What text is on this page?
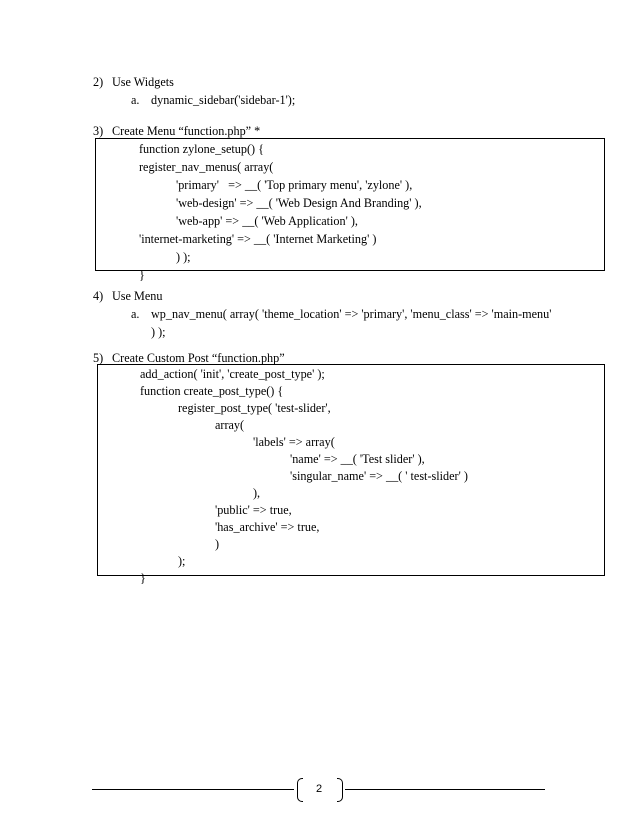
2) Use Widgets
a. dynamic_sidebar('sidebar-1');
3) Create Menu “function.php” *
function zylone_setup() {
register_nav_menus( array(
'primary'   => __( 'Top primary menu', 'zylone' ),
'web-design' => __( 'Web Design And Branding' ),
'web-app' => __( 'Web Application' ),
'internet-marketing' => __( 'Internet Marketing' )
) );
}
4) Use Menu
a. wp_nav_menu( array( 'theme_location' => 'primary', 'menu_class' => 'main-menu'
) );
5) Create Custom Post “function.php”
add_action( 'init', 'create_post_type' );
function create_post_type() {
register_post_type( 'test-slider',
array(
'labels' => array(
'name' => __( 'Test slider' ),
'singular_name' => __( ' test-slider' )
),
'public' => true,
'has_archive' => true,
)
);
}
2
